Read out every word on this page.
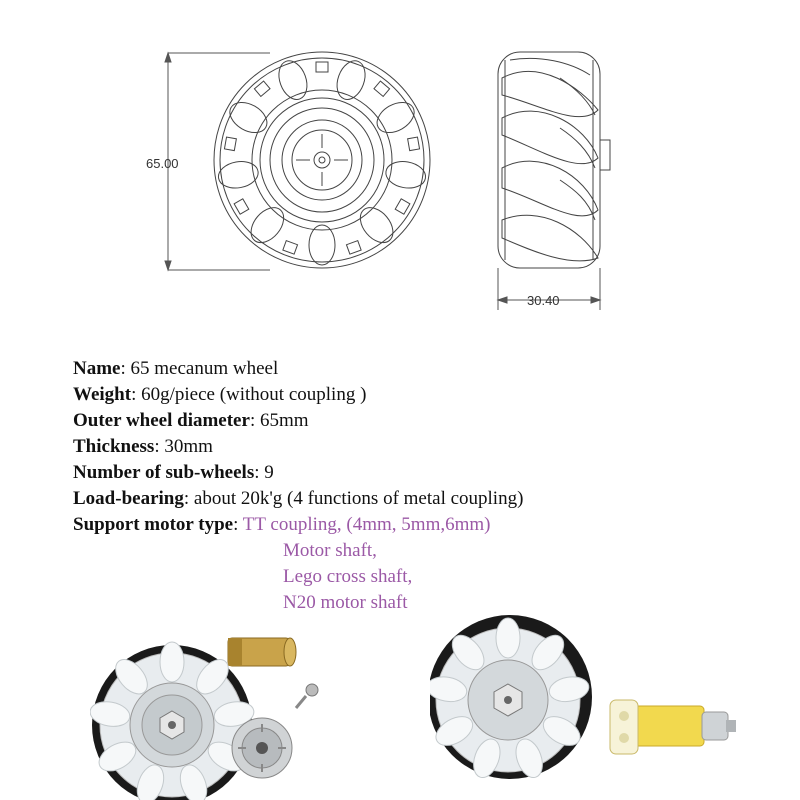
65.00
30.40
Name: 65 mecanum wheel
Weight: 60g/piece (without coupling )
Outer wheel diameter: 65mm
Thickness: 30mm
Number of sub-wheels: 9
Load-bearing: about 20k'g (4 functions of metal coupling)
Support motor type: TT coupling, (4mm, 5mm,6mm)
Motor shaft,
Lego cross shaft,
N20 motor shaft
